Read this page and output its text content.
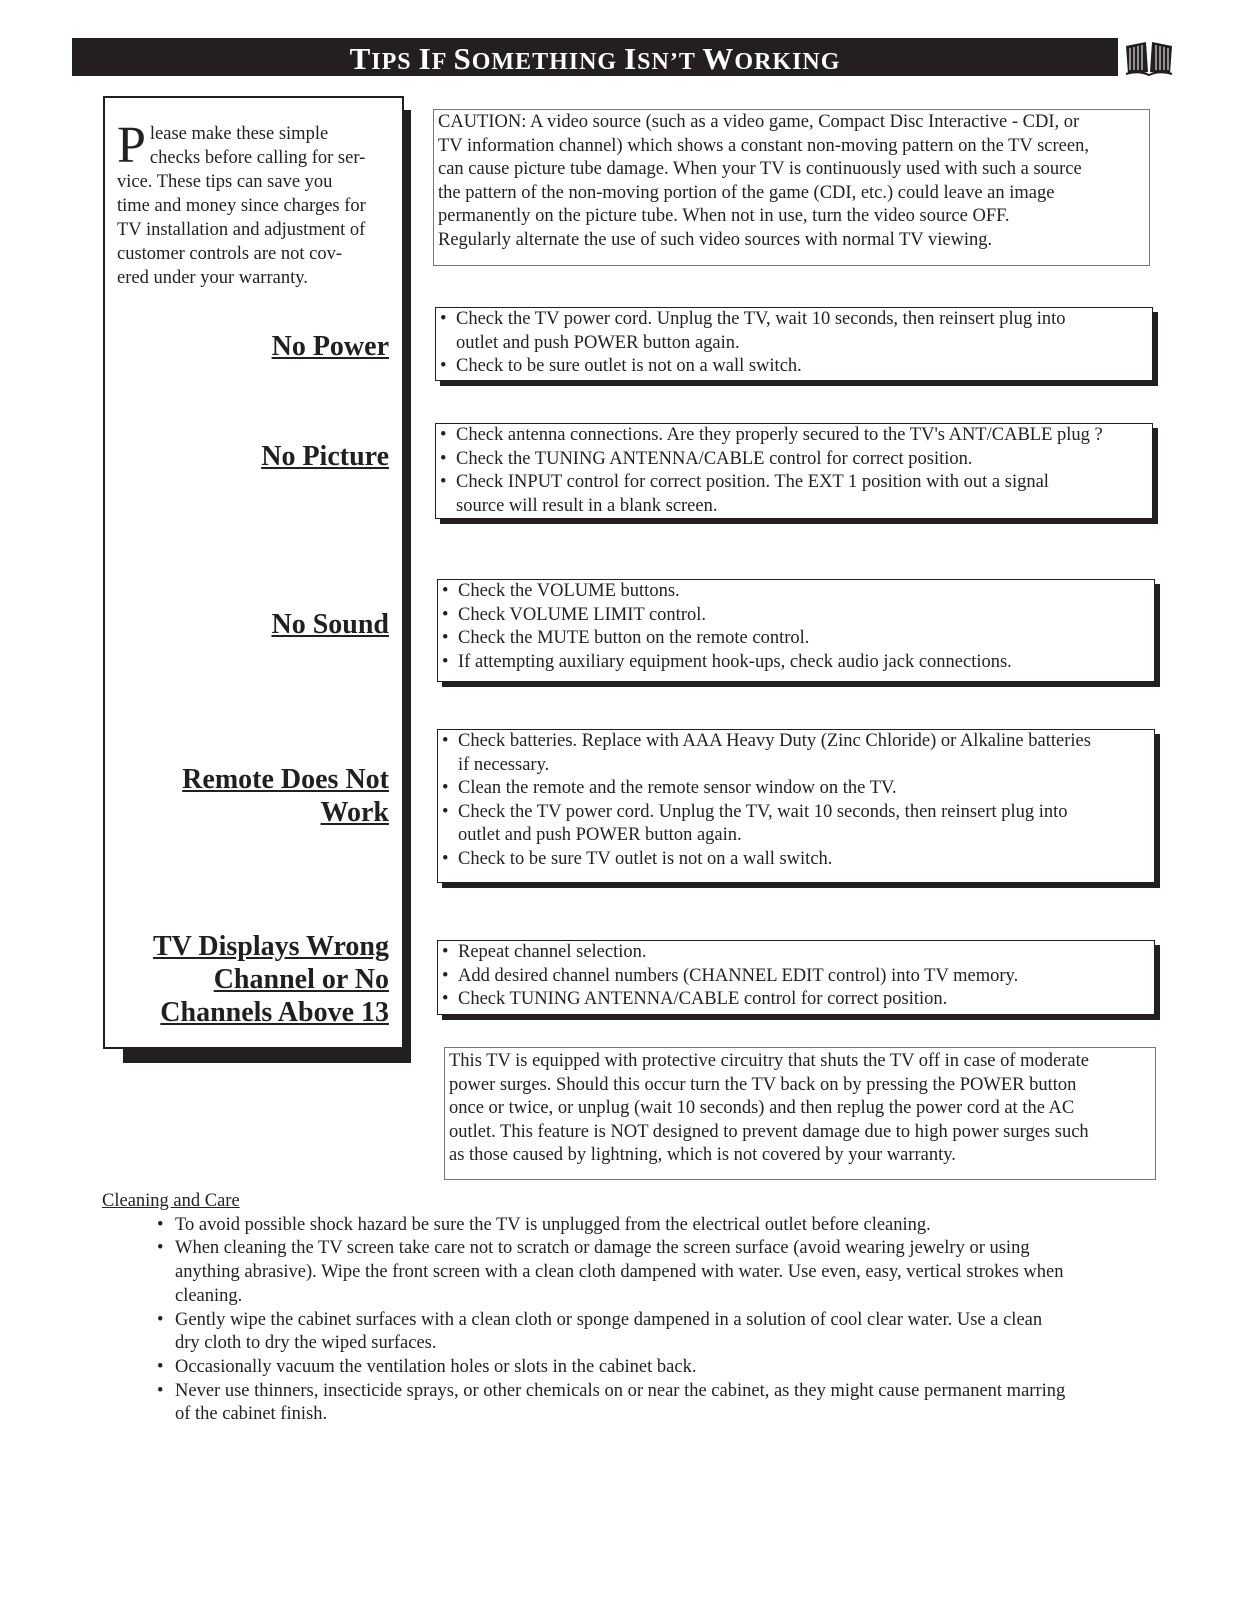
TIPS IF SOMETHING ISN’T WORKING
P lease make these simple
checks before calling for ser-
vice. These tips can save you
time and money since charges for
TV installation and adjustment of
customer controls are not cov-
ered under your warranty.
CAUTION: A video source (such as a video game, Compact Disc Interactive - CDI, or
TV information channel) which shows a constant non-moving pattern on the TV screen,
can cause picture tube damage. When your TV is continuously used with such a source
the pattern of the non-moving portion of the game (CDI, etc.) could leave an image
permanently on the picture tube. When not in use, turn the video source OFF.
Regularly alternate the use of such video sources with normal TV viewing.
This TV is equipped with protective circuitry that shuts the TV off in case of moderate
power surges. Should this occur turn the TV back on by pressing the POWER button
once or twice, or unplug (wait 10 seconds) and then replug the power cord at the AC
outlet. This feature is NOT designed to prevent damage due to high power surges such
as those caused by lightning, which is not covered by your warranty.
Cleaning and Care
• To avoid possible shock hazard be sure the TV is unplugged from the electrical outlet before cleaning.
• When cleaning the TV screen take care not to scratch or damage the screen surface (avoid wearing jewelry or using
anything abrasive). Wipe the front screen with a clean cloth dampened with water. Use even, easy, vertical strokes when
cleaning.
• Gently wipe the cabinet surfaces with a clean cloth or sponge dampened in a solution of cool clear water. Use a clean
dry cloth to dry the wiped surfaces.
• Occasionally vacuum the ventilation holes or slots in the cabinet back.
• Never use thinners, insecticide sprays, or other chemicals on or near the cabinet, as they might cause permanent marring
of the cabinet finish.
No Power
• Check the TV power cord. Unplug the TV, wait 10 seconds, then reinsert plug into
outlet and push POWER button again.
• Check to be sure outlet is not on a wall switch.
No Picture
• Check antenna connections. Are they properly secured to the TV's ANT/CABLE plug ?
• Check the TUNING ANTENNA/CABLE control for correct position.
• Check INPUT control for correct position. The EXT 1 position with out a signal
source will result in a blank screen.
No Sound
• Check the VOLUME buttons.
• Check VOLUME LIMIT control.
• Check the MUTE button on the remote control.
• If attempting auxiliary equipment hook-ups, check audio jack connections.
Remote Does Not
Work
• Check batteries. Replace with AAA Heavy Duty (Zinc Chloride) or Alkaline batteries
if necessary.
• Clean the remote and the remote sensor window on the TV.
• Check the TV power cord. Unplug the TV, wait 10 seconds, then reinsert plug into
outlet and push POWER button again.
• Check to be sure TV outlet is not on a wall switch.
TV Displays Wrong
Channel or No
Channels Above 13
• Repeat channel selection.
• Add desired channel numbers (CHANNEL EDIT control) into TV memory.
• Check TUNING ANTENNA/CABLE control for correct position.
